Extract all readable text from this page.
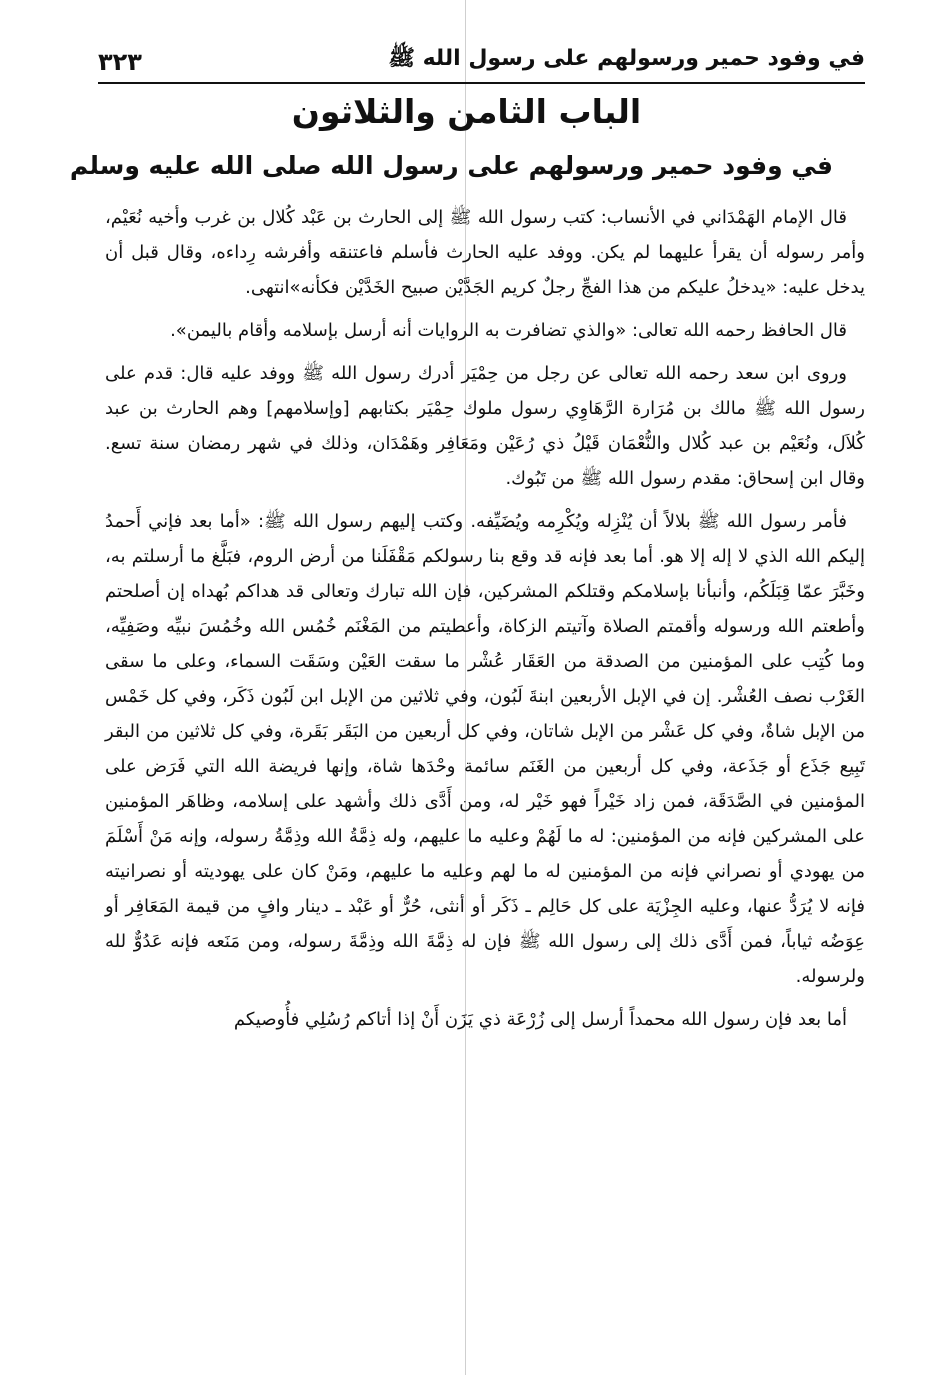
في وفود حمير ورسولهم على رسول الله ﷺ
٣٢٣
الباب الثامن والثلاثون
في وفود حمير ورسولهم على رسول الله صلى الله عليه وسلم

قال الإمام الهَمْدَاني في الأنساب: كتب رسول الله ﷺ إلى الحارث بن عَبْد كُلال بن غرب وأخيه نُعَيْم، وأمر رسوله أن يقرأ عليهما لم يكن. ووفد عليه الحارث فأسلم فاعتنقه وأفرشه رِداءه، وقال قبل أن يدخل عليه: «يدخلُ عليكم من هذا الفجِّ رجلٌ كريم الجَدَّيْن صبيح الخَدَّيْن فكأنه»انتهى.

قال الحافظ رحمه الله تعالى: «والذي تضافرت به الروايات أنه أرسل بإسلامه وأقام باليمن».

وروى ابن سعد رحمه الله تعالى عن رجل من حِمْيَر أدرك رسول الله ﷺ ووفد عليه قال: قدم على رسول الله ﷺ مالك بن مُرَارة الرَّهَاوِي رسول ملوك حِمْيَر بكتابهم [وإسلامهم] وهم الحارث بن عبد كُلاَل، ونُعَيْم بن عبد كُلال والنُّعْمَان قَيْلُ ذي رُعَيْن ومَعَافِر وهَمْدَان، وذلك في شهر رمضان سنة تسع. وقال ابن إسحاق: مقدم رسول الله ﷺ من تَبُوك.

فأمر رسول الله ﷺ بلالاً أن يُنْزِله ويُكْرِمه ويُضَيِّفه. وكتب إليهم رسول الله ﷺ: «أما بعد فإني أَحمدُ إليكم الله الذي لا إله إلا هو. أما بعد فإنه قد وقع بنا رسولكم مَقْفَلَنا من أرض الروم، فبَلَّغ ما أرسلتم به، وخَبَّرَ عمّا قِبَلَكُم، وأنبأنا بإسلامكم وقتلكم المشركين، فإن الله تبارك وتعالى قد هداكم بُهداه إن أصلحتم وأطعتم الله ورسوله وأقمتم الصلاة وآتيتم الزكاة، وأعطيتم من المَغْنَم خُمُس الله وخُمُسَ نبيِّه وصَفِيِّه، وما كُتِب على المؤمنين من الصدقة من العَقَار عُشْر ما سقت العَيْن وسَقَت السماء، وعلى ما سقى الغَرْب نصف العُشْر. إن في الإبل الأربعين ابنةَ لَبُون، وفي ثلاثين من الإبل ابن لَبُون ذَكَر، وفي كل خَمْس من الإبل شاةٌ، وفي كل عَشْر من الإبل شاتان، وفي كل أربعين من البَقَر بَقَرة، وفي كل ثلاثين من البقر تَبِيع جَذَع أو جَذَعة، وفي كل أربعين من الغَنَم سائمة وحْدَها شاة، وإنها فريضة الله التي فَرَض على المؤمنين في الصَّدَقَة، فمن زاد خَيْراً فهو خَيْر له، ومن أَدَّى ذلك وأشهد على إسلامه، وظاهَر المؤمنين على المشركين فإنه من المؤمنين: له ما لَهُمْ وعليه ما عليهم، وله ذِمَّةُ الله وذِمَّةُ رسوله، وإنه مَنْ أَسْلَمَ من يهودي أو نصراني فإنه من المؤمنين له ما لهم وعليه ما عليهم، ومَنْ كان على يهوديته أو نصرانيته فإنه لا يُرَدُّ عنها، وعليه الجِزْيَة على كل حَالِم ـ ذَكَر أو أنثى، حُرٌّ أو عَبْد ـ دينار وافٍ من قيمة المَعَافِر أو عِوَضُه ثياباً، فمن أَدَّى ذلك إلى رسول الله ﷺ فإن له ذِمَّةَ الله وذِمَّةَ رسوله، ومن مَنَعه فإنه عَدُوٌّ لله ولرسوله.

أما بعد فإن رسول الله محمداً أرسل إلى زُرْعَة ذي يَزَن أَنْ إذا أتاكم رُسُلِي فأُوصيكم
